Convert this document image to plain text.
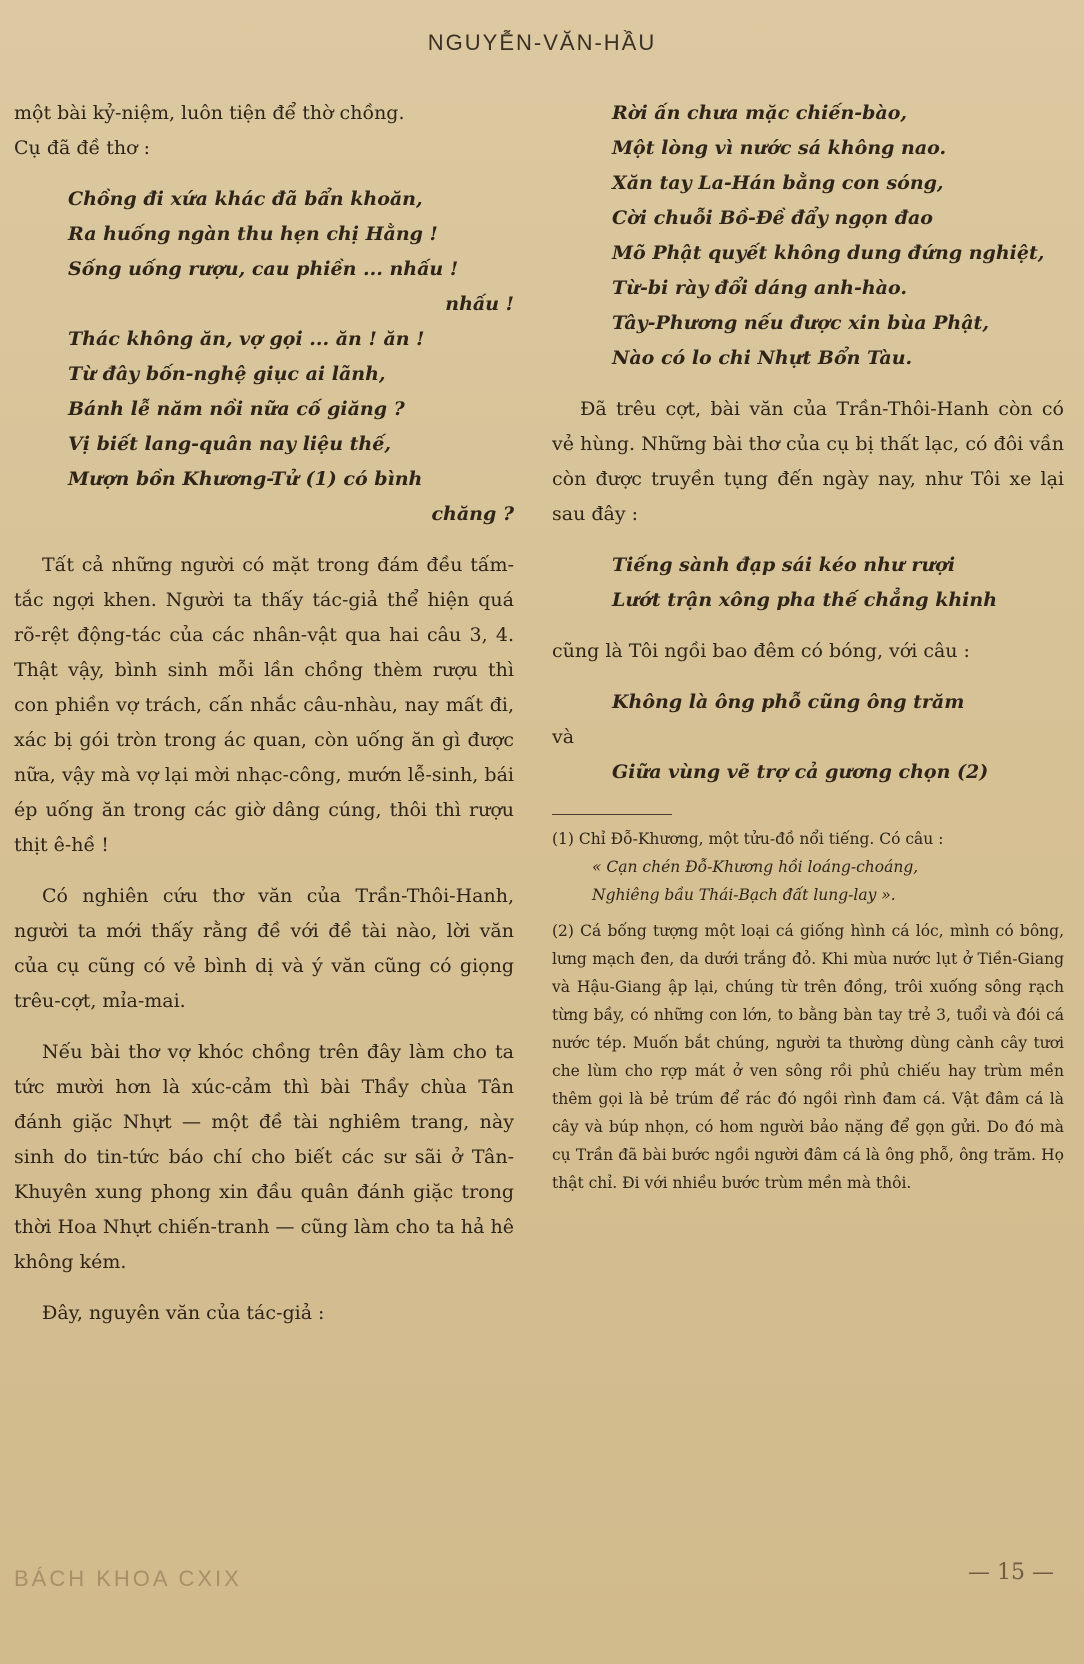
NGUYỄN-VĂN-HẦU

một bài kỷ-niệm, luôn tiện để thờ chồng.

Cụ đã đề thơ :

Chồng đi xứa khác đã bẩn khoăn,

Ra huống ngàn thu hẹn chị Hằng !

Sống uống rượu, cau phiền ... nhấu !

nhấu !

Thác không ăn, vợ gọi ... ăn ! ăn !

Từ đây bốn-nghệ giục ai lãnh,

Bánh lễ năm nồi nữa cố giăng ?

Vị biết lang-quân nay liệu thế,

Mượn bồn Khương-Tử (1) có bình

chăng ?

Tất cả những người có mặt trong đám đều tấm-tắc ngợi khen. Người ta thấy tác-giả thể hiện quá rõ-rệt động-tác của các nhân-vật qua hai câu 3, 4. Thật vậy, bình sinh mỗi lần chồng thèm rượu thì con phiền vợ trách, cấn nhắc câu-nhàu, nay mất đi, xác bị gói tròn trong ác quan, còn uống ăn gì được nữa, vậy mà vợ lại mời nhạc-công, mướn lễ-sinh, bái ép uống ăn trong các giờ dâng cúng, thôi thì rượu thịt ê-hề !

Có nghiên cứu thơ văn của Trần-Thôi-Hanh, người ta mới thấy rằng đề với đề tài nào, lời văn của cụ cũng có vẻ bình dị và ý văn cũng có giọng trêu-cợt, mỉa-mai.

Nếu bài thơ vợ khóc chồng trên đây làm cho ta tức mười hơn là xúc-cảm thì bài Thầy chùa Tân đánh giặc Nhựt — một đề tài nghiêm trang, này sinh do tin-tức báo chí cho biết các sư sãi ở Tân-Khuyên xung phong xin đầu quân đánh giặc trong thời Hoa Nhựt chiến-tranh — cũng làm cho ta hả hê không kém.

Đây, nguyên văn của tác-giả :

Rời ấn chưa mặc chiến-bào,

Một lòng vì nước sá không nao.

Xăn tay La-Hán bằng con sóng,

Cời chuỗi Bồ-Đề đẩy ngọn đao

Mõ Phật quyết không dung đứng nghiệt,

Từ-bi rày đổi dáng anh-hào.

Tây-Phương nếu được xin bùa Phật,

Nào có lo chi Nhựt Bổn Tàu.

Đã trêu cợt, bài văn của Trần-Thôi-Hanh còn có vẻ hùng. Những bài thơ của cụ bị thất lạc, có đôi vần còn được truyền tụng đến ngày nay, như Tôi xe lại sau đây :

Tiếng sành đạp sái kéo như rượi

Lướt trận xông pha thế chẳng khinh

cũng là Tôi ngồi bao đêm có bóng, với câu :

Không là ông phỗ cũng ông trăm

và

Giữa vùng vẽ trợ cả gương chọn (2)

(1) Chỉ Đỗ-Khương, một tửu-đồ nổi tiếng. Có câu :

« Cạn chén Đỗ-Khương hồi loáng-choáng,

Nghiêng bầu Thái-Bạch đất lung-lay ».

(2) Cá bống tượng một loại cá giống hình cá lóc, mình có bông, lưng mạch đen, da dưới trắng đỏ. Khi mùa nước lụt ở Tiền-Giang và Hậu-Giang ập lại, chúng từ trên đồng, trôi xuống sông rạch từng bầy, có những con lớn, to bằng bàn tay trẻ 3, tuổi và đói cá nước tép. Muốn bắt chúng, người ta thường dùng cành cây tươi che lùm cho rợp mát ở ven sông rồi phủ chiếu hay trùm mền thêm gọi là bẻ trúm để rác đó ngồi rình đam cá. Vật đâm cá là cây và búp nhọn, có hom người bảo nặng để gọn gửi. Do đó mà cụ Trần đã bài bước ngồi người đâm cá là ông phỗ, ông trăm. Họ thật chỉ. Đi với nhiều bước trùm mền mà thôi.

BÁCH KHOA CXIX	— 15 —
